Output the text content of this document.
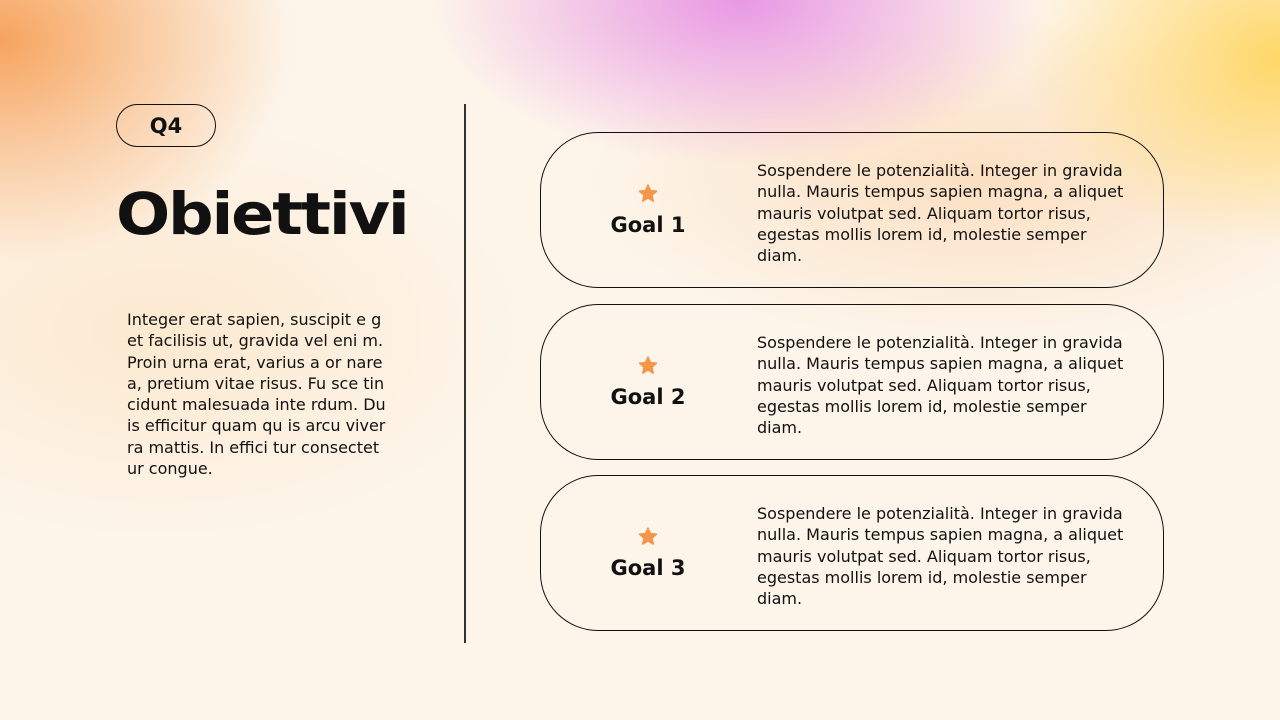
Q4
Obiettivi

Integer erat sapien, suscipit e get facilisis ut, gravida vel eni m. Proin urna erat, varius a or nare a, pretium vitae risus. Fu sce tincidunt malesuada inte rdum. Duis efficitur quam qu is arcu viverra mattis. In effici tur consectetur congue.

Goal 1

Sospendere le potenzialità. Integer in gravida nulla. Mauris tempus sapien magna, a aliquet mauris volutpat sed. Aliquam tortor risus, egestas mollis lorem id, molestie semper diam.

Goal 2

Sospendere le potenzialità. Integer in gravida nulla. Mauris tempus sapien magna, a aliquet mauris volutpat sed. Aliquam tortor risus, egestas mollis lorem id, molestie semper diam.

Goal 3

Sospendere le potenzialità. Integer in gravida nulla. Mauris tempus sapien magna, a aliquet mauris volutpat sed. Aliquam tortor risus, egestas mollis lorem id, molestie semper diam.
